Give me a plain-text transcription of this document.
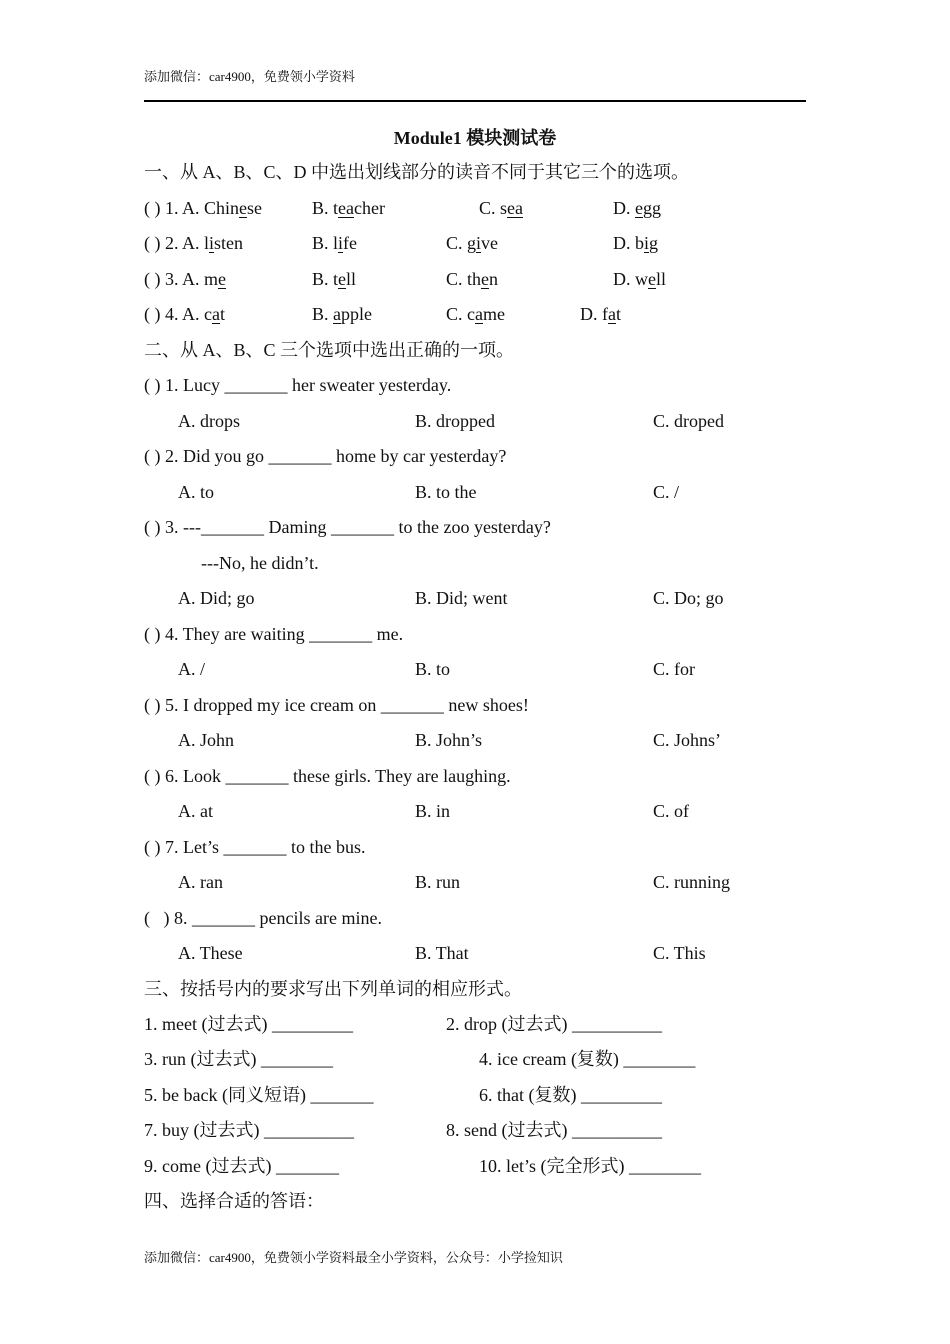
添加微信：car4900，免费领小学资料
Module1 模块测试卷
一、从 A、B、C、D 中选出划线部分的读音不同于其它三个的选项。
( ) 1. A. Chinese	B. teacher	C. sea	D. egg
( ) 2. A. listen	B. life	C. give	D. big
( ) 3. A. me	B. tell	C. then	D. well
( ) 4. A. cat	B. apple	C. came	D. fat
二、从 A、B、C 三个选项中选出正确的一项。
( ) 1. Lucy _______ her sweater yesterday.
A. drops	B. dropped	C. droped
( ) 2. Did you go _______ home by car yesterday?
A. to	B. to the	C. /
( ) 3. ---_______ Daming _______ to the zoo yesterday?
---No, he didn’t.
A. Did; go	B. Did; went	C. Do; go
( ) 4. They are waiting _______ me.
A. /	B. to	C. for
( ) 5. I dropped my ice cream on _______ new shoes!
A. John	B. John’s	C. Johns’
( ) 6. Look _______ these girls. They are laughing.
A. at	B. in	C. of
( ) 7. Let’s _______ to the bus.
A. ran	B. run	C. running
(   ) 8. _______ pencils are mine.
A. These	B. That	C. This
三、按括号内的要求写出下列单词的相应形式。
1. meet (过去式) _________	2. drop (过去式) __________
3. run (过去式) ________	4. ice cream (复数) ________
5. be back (同义短语) _______	6. that (复数) _________
7. buy (过去式) __________	8. send (过去式) __________
9. come (过去式) _______	10. let’s (完全形式) ________
四、选择合适的答语：
添加微信：car4900，免费领小学资料最全小学资料，公众号：小学捡知识
